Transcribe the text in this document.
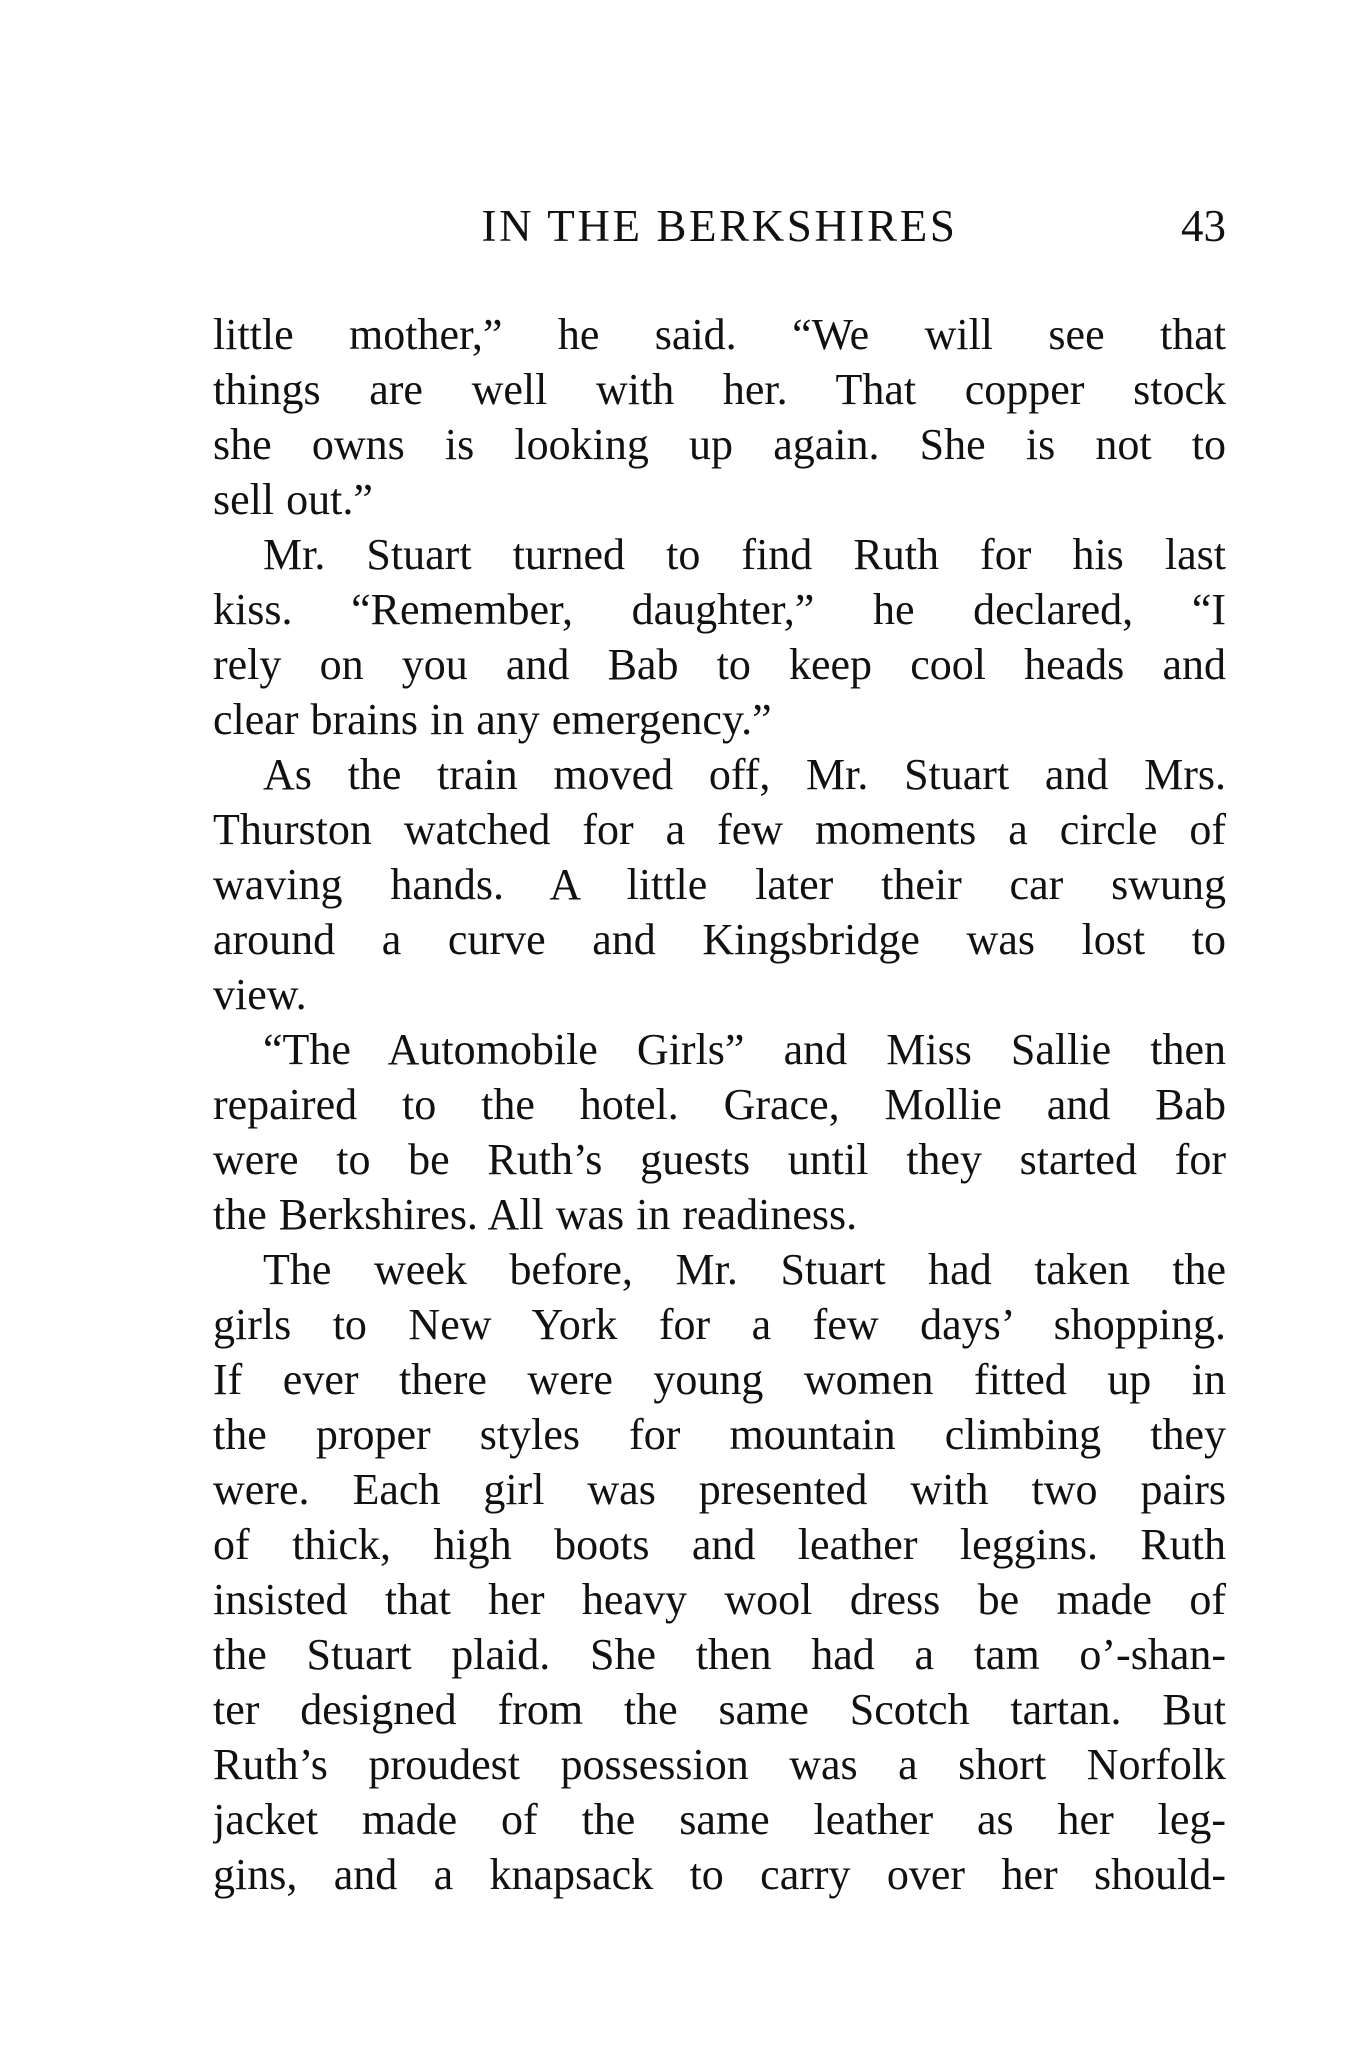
IN THE BERKSHIRES	43
little mother,” he said. “We will see that
things are well with her. That copper stock
she owns is looking up again. She is not to
sell out.”
Mr. Stuart turned to find Ruth for his last
kiss. “Remember, daughter,” he declared, “I
rely on you and Bab to keep cool heads and
clear brains in any emergency.”
As the train moved off, Mr. Stuart and Mrs.
Thurston watched for a few moments a circle of
waving hands. A little later their car swung
around a curve and Kingsbridge was lost to
view.
“The Automobile Girls” and Miss Sallie then
repaired to the hotel. Grace, Mollie and Bab
were to be Ruth’s guests until they started for
the Berkshires. All was in readiness.
The week before, Mr. Stuart had taken the
girls to New York for a few days’ shopping.
If ever there were young women fitted up in
the proper styles for mountain climbing they
were. Each girl was presented with two pairs
of thick, high boots and leather leggins. Ruth
insisted that her heavy wool dress be made of
the Stuart plaid. She then had a tam o’-shan-
ter designed from the same Scotch tartan. But
Ruth’s proudest possession was a short Norfolk
jacket made of the same leather as her leg-
gins, and a knapsack to carry over her should-
